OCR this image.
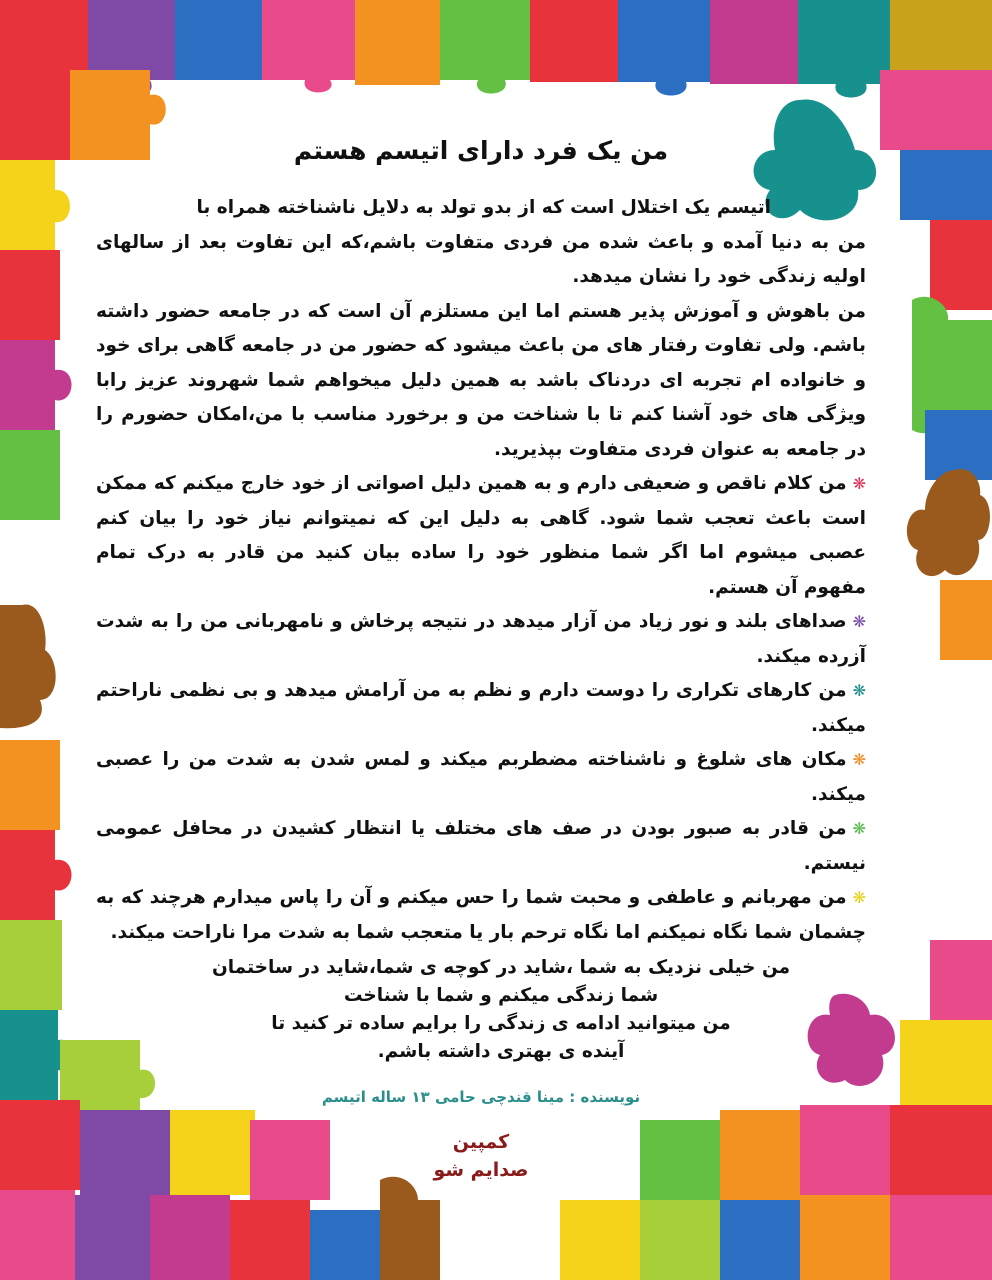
من یک فرد دارای اتیسم هستم

اتیسم یک اختلال است که از بدو تولد به دلایل ناشناخته همراه با

من به دنیا آمده و باعث شده من فردی متفاوت باشم،که این تفاوت بعد از سالهای اولیه زندگی خود را نشان میدهد.

من باهوش و آموزش پذیر هستم اما این مستلزم آن است که در جامعه حضور داشته باشم. ولی تفاوت رفتار های من باعث میشود که حضور من در جامعه گاهی برای خود و خانواده ام تجربه ای دردناک باشد به همین دلیل میخواهم شما شهروند عزیز رابا ویژگی های خود آشنا کنم تا با شناخت من و برخورد مناسب با من،امکان حضورم را در جامعه به عنوان فردی متفاوت بپذیرید.

❋من کلام ناقص و ضعیفی دارم و به همین دلیل اصواتی از خود خارج میکنم که ممکن است باعث تعجب شما شود. گاهی به دلیل این که نمیتوانم نیاز خود را بیان کنم عصبی میشوم اما اگر شما منظور خود را ساده بیان کنید من قادر به درک تمام مفهوم آن هستم.

❋صداهای بلند و نور زیاد من آزار میدهد در نتیجه پرخاش و نامهربانی من را به شدت آزرده میکند.

❋من کارهای تکراری را دوست دارم و نظم به من آرامش میدهد و بی نظمی ناراحتم میکند.

❋مکان های شلوغ و ناشناخته مضطربم میکند و لمس شدن به شدت من را عصبی میکند.

❋من قادر به صبور بودن در صف های مختلف یا انتظار کشیدن در محافل عمومی نیستم.

❋من مهربانم و عاطفی و محبت شما را حس میکنم و آن را پاس میدارم هرچند که به چشمان شما نگاه نمیکنم اما نگاه ترحم بار یا متعجب شما به شدت مرا ناراحت میکند.

من خیلی نزدیک به شما ،شاید در کوچه ی شما،شاید در ساختمان
شما زندگی میکنم و شما با شناخت
من میتوانید ادامه ی زندگی را برایم ساده تر کنید تا
آینده ی بهتری داشته باشم.
نویسنده : مینا قندچی حامی ۱۳ ساله اتیسم
کمپین
صدایم شو
